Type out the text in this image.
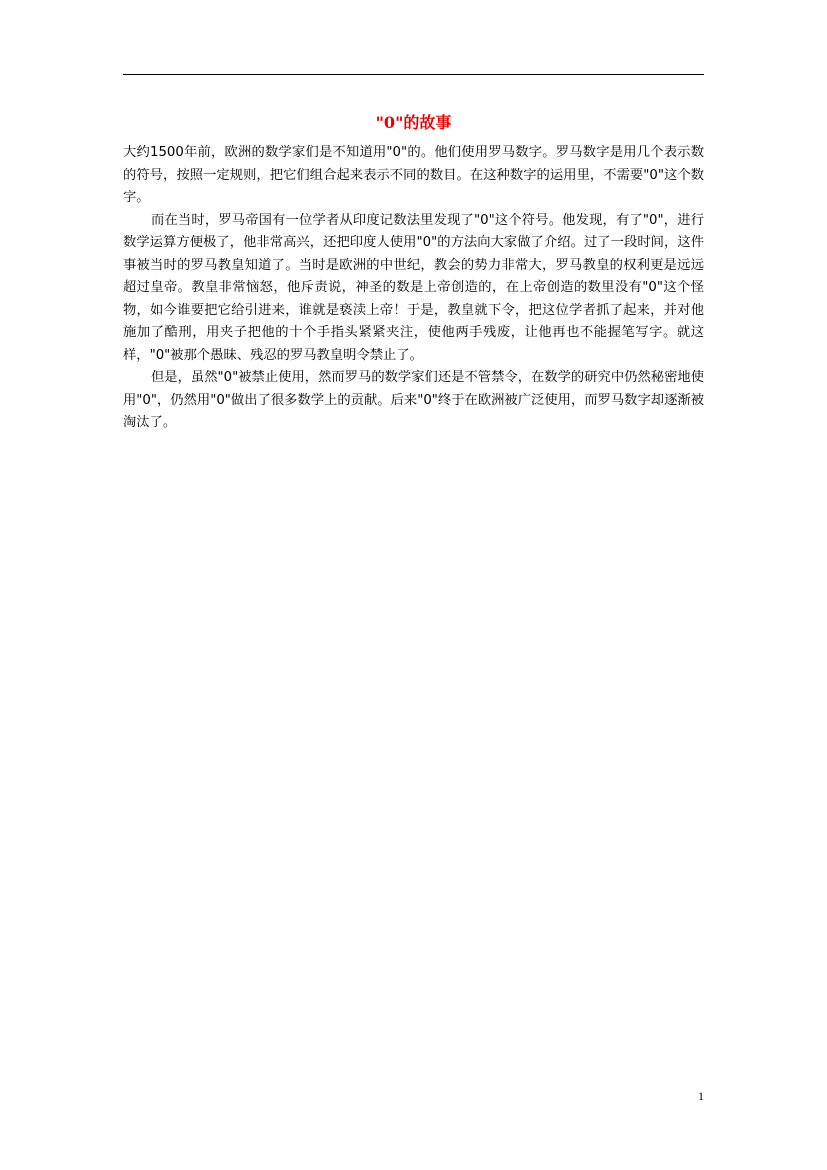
"0"的故事

大约1500年前，欧洲的数学家们是不知道用"0"的。他们使用罗马数字。罗马数字是用几个表示数的符号，按照一定规则，把它们组合起来表示不同的数目。在这种数字的运用里，不需要"0"这个数字。

而在当时，罗马帝国有一位学者从印度记数法里发现了"0"这个符号。他发现，有了"0"，进行数学运算方便极了，他非常高兴，还把印度人使用"0"的方法向大家做了介绍。过了一段时间，这件事被当时的罗马教皇知道了。当时是欧洲的中世纪，教会的势力非常大，罗马教皇的权利更是远远超过皇帝。教皇非常恼怒，他斥责说，神圣的数是上帝创造的，在上帝创造的数里没有"0"这个怪物，如今谁要把它给引进来，谁就是亵渎上帝！于是，教皇就下令，把这位学者抓了起来，并对他施加了酷刑，用夹子把他的十个手指头紧紧夹注，使他两手残废，让他再也不能握笔写字。就这样，"0"被那个愚昧、残忍的罗马教皇明令禁止了。

但是，虽然"0"被禁止使用，然而罗马的数学家们还是不管禁令，在数学的研究中仍然秘密地使用"0"，仍然用"0"做出了很多数学上的贡献。后来"0"终于在欧洲被广泛使用，而罗马数字却逐渐被淘汰了。

1
